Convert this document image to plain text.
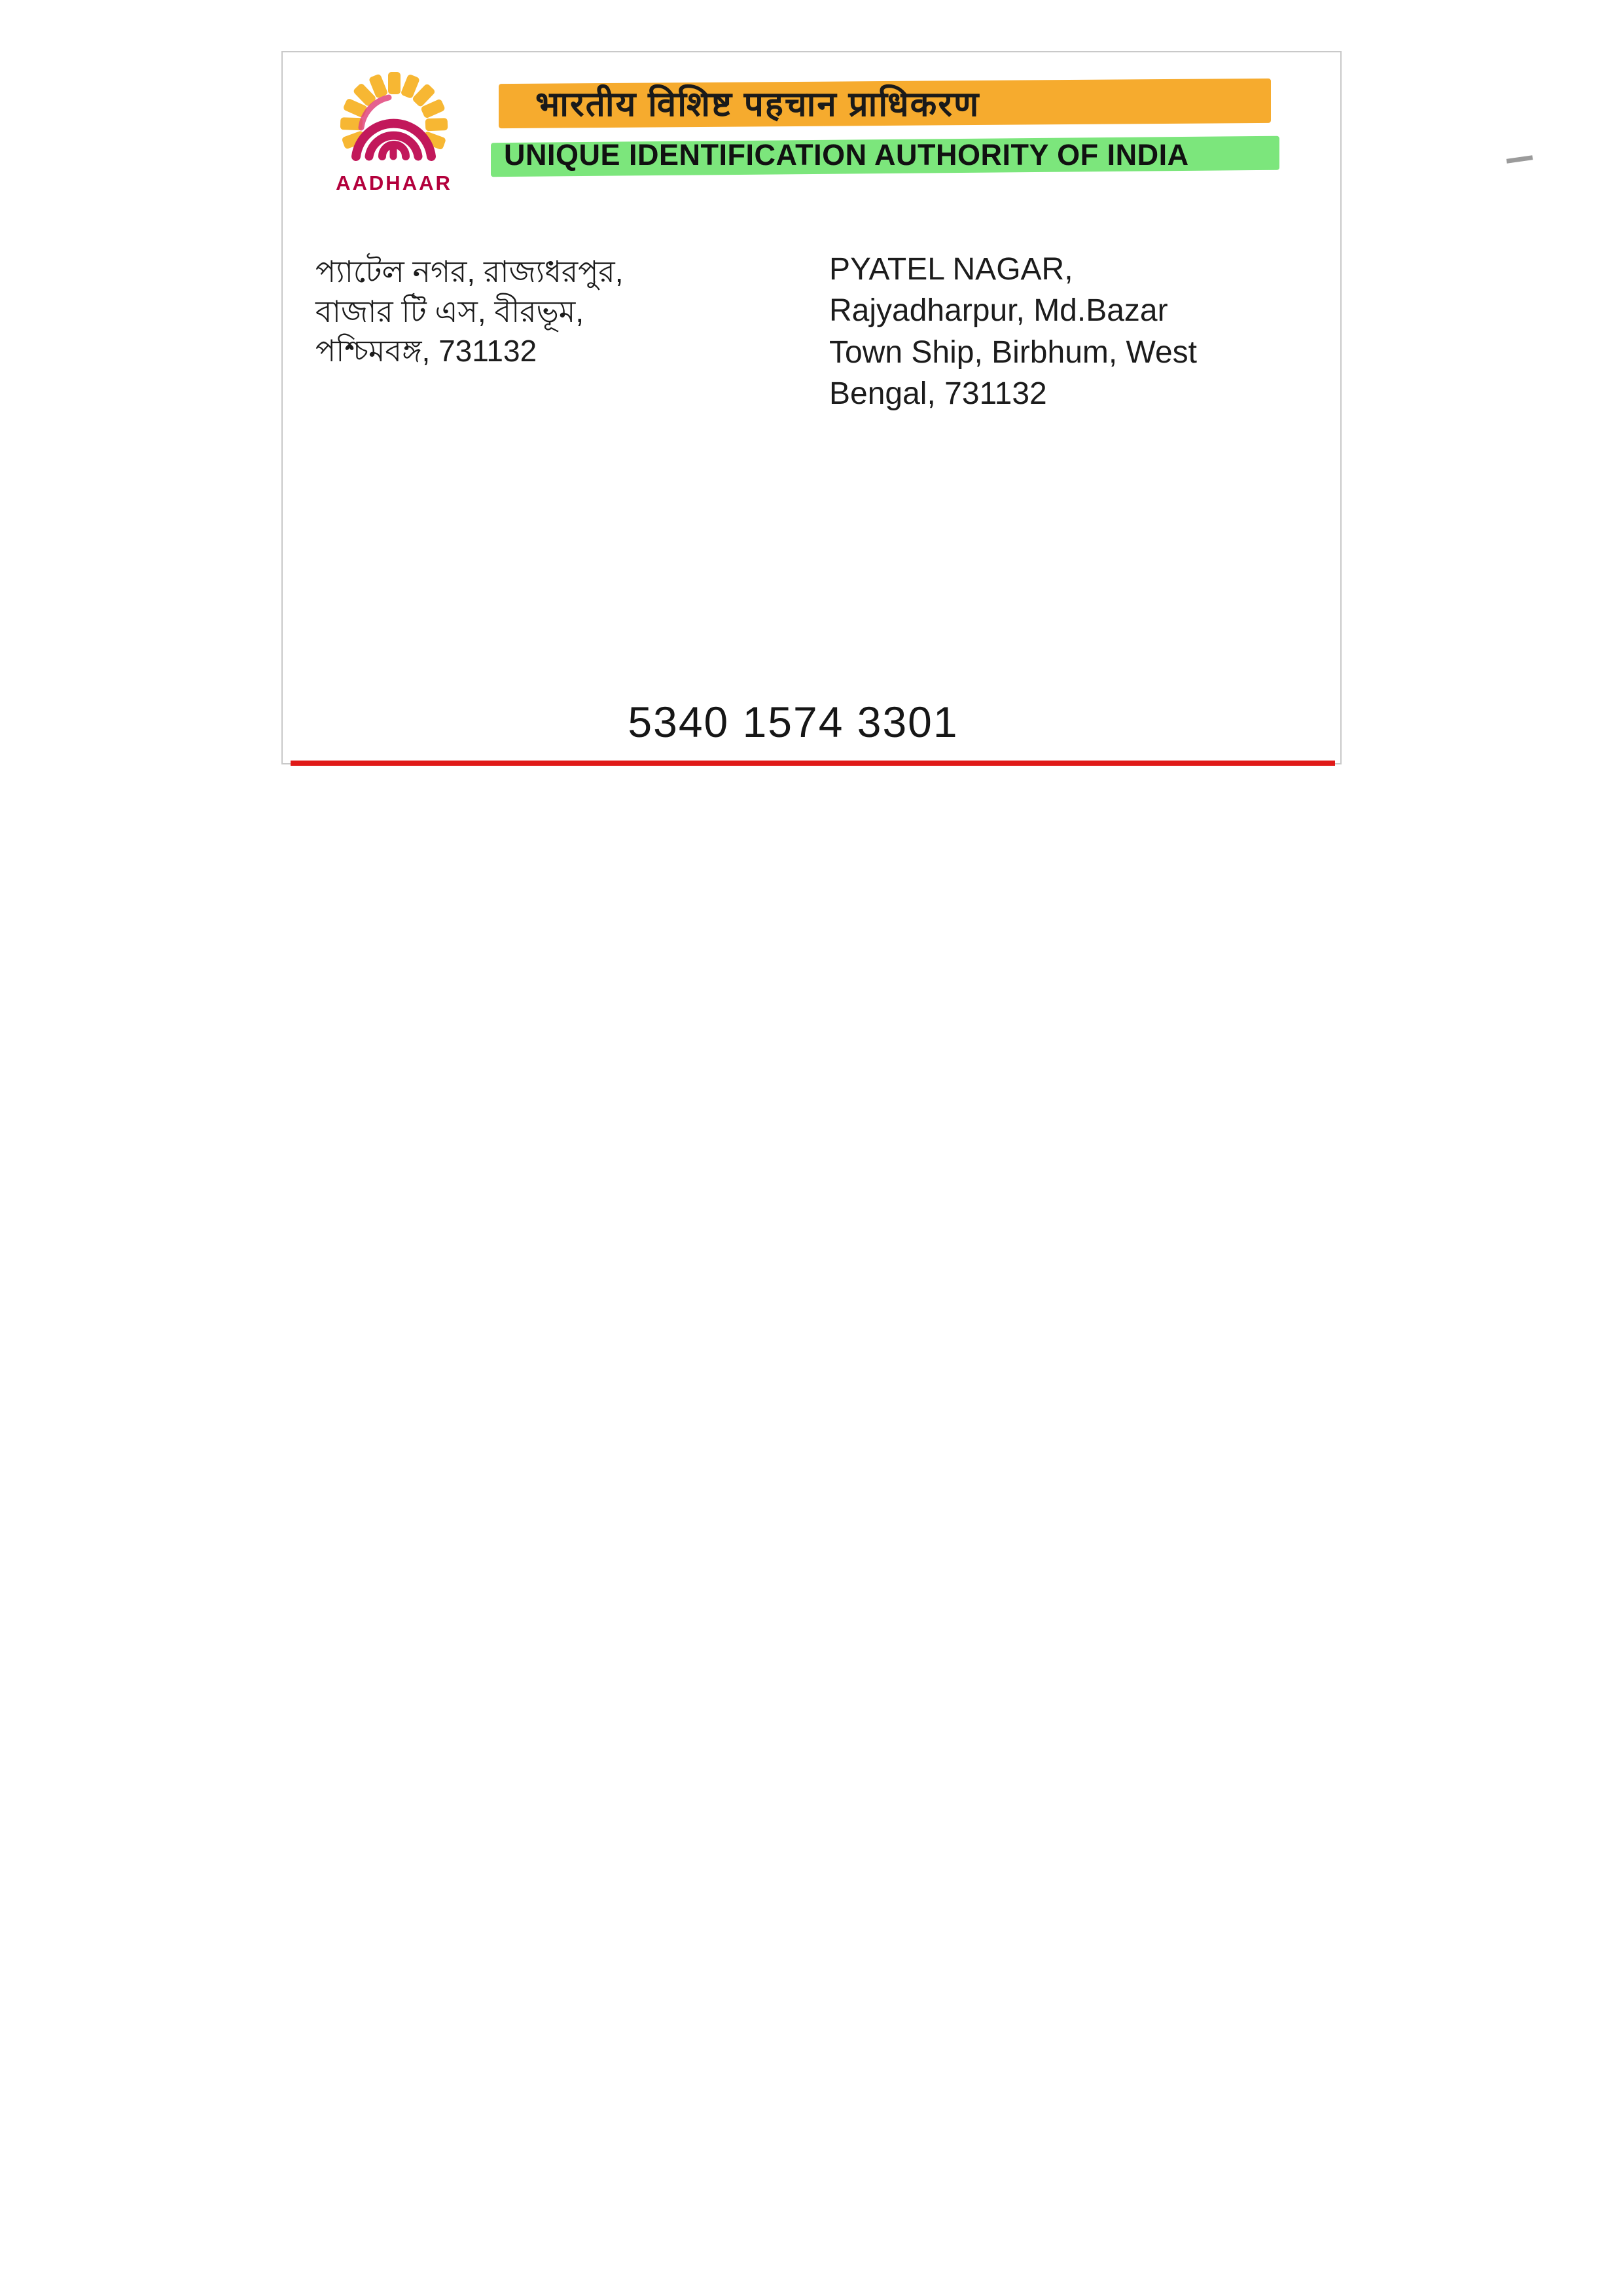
AADHAAR
भारतीय विशिष्ट पहचान प्राधिकरण
UNIQUE IDENTIFICATION AUTHORITY OF INDIA
প্যাটেল নগর, রাজ্যধরপুর,
বাজার টি এস, বীরভূম,
পশ্চিমবঙ্গ, 731132
PYATEL NAGAR,
Rajyadharpur, Md.Bazar
Town Ship, Birbhum, West
Bengal, 731132
5340 1574 3301
